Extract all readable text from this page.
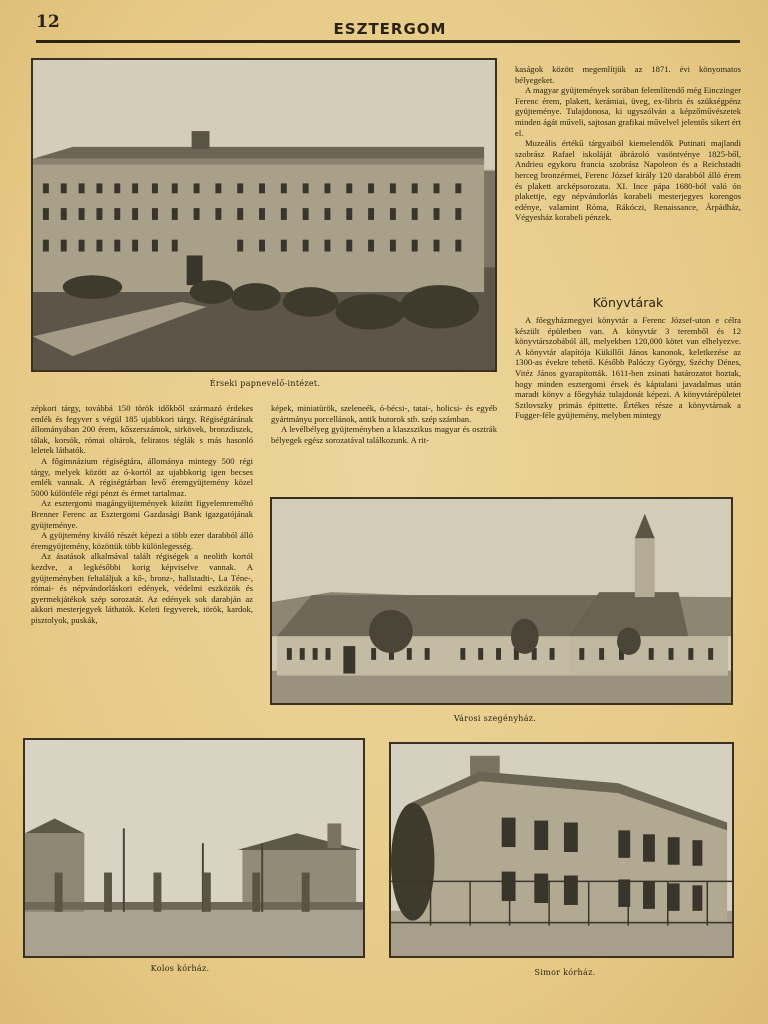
12	ESZTERGOM
Érseki papnevelő-intézet.

kaságok között megemlítjük az 1871. évi könyomatos bélyegeket.

A magyar gyüjtemények sorában felemlítendő még Einczinger Ferenc érem, plakett, kerámiai, üveg, ex-libris és szükségpénz gyüjteménye. Tulajdonosa, ki ugyszólván a képzőművészetek minden ágát műveli, sajtosan grafikai művelvel jelentős sikert ért el.

Muzeális értékű tárgyaiból kiemelendők Putinati majlandi szobrász Rafael iskoláját ábrázoló vasöntvénye 1825-ből, Andrieu egykoru francia szobrász Napoleon és a Reichstadti herceg bronzérmei, Ferenc József király 120 darabból álló érem és plakett arcképsorozata. XI. Ince pápa 1680-ból való ón plakettje, egy népvándorlás korabeli mesterjegyes korengos edénye, valamint Róma, Rákóczi, Renaissance, Árpádház, Végyesház korabeli pénzek.

Könyvtárak

A főegyházmegyei könyvtár a Ferenc József-uton e célra készült épületben van. A könyvtár 3 teremből és 12 könyvtárszobából áll, melyekben 120,000 kötet van elhelyezve. A könyvtár alapítója Kükillői János kanonok, keletkezése az 1300-as évekre tehető. Később Palóczy György, Széchy Dénes, Vitéz János gyarapították. 1611-ben zsinati határozatot hoztak, hogy minden esztergomi érsek és káptalani javadalmas után maradt könyv a főegyház tulajdonát képezi. A könyvtárépületet Sztlovszky primás épittette. Értékes része a könyvtárnak a Fugger-féle gyüjtemény, melyben mintegy

zépkori tárgy, továbbá 150 török időkből származó érdekes emlék és fegyver s végül 185 ujabbkori tárgy. Régiségtárának állományában 200 érem, kőszerszámok, sirkövek, bronzdiszek, tálak, korsók, római oltárok, feliratos téglák s más hasonló leletek láthatók.

A főgimnázium régiségtára, állománya mintegy 500 régi tárgy, melyek között az ó-kortól az ujabbkorig igen becses emlék vannak. A régiségtárban levő éremgyüjtemény közel 5000 különféle régi pénzt és érmet tartalmaz.

Az esztergomi magángyüjtemények között figyelemreméltó Brenner Ferenc az Esztergomi Gazdasági Bank igazgatójának gyüjteménye.

A gyüjtemény kiváló részét képezi a több ezer darabból álló éremgyüjtemény, közöttük több különlegesség.

Az ásatások alkalmával talált régiségek a neolith kortól kezdve, a legkésőbbi korig képviselve vannak. A gyüjteményben feltaláljuk a kő-, bronz-, hallstadti-, La Téne-, római- és népvándorláskori edények, védelmi eszközök és gyermekjátékok szép sorozatát. Az edények sok darabján az akkori mesterjegyek láthatók. Keleti fegyverek, török, kardok, pisztolyok, puskák,

képek, miniatürök, szeleneék, ó-bécsi-, tatai-, holicsi- és egyéb gyártmányu porcellánok, antik butorok stb. szép számban.

A levélbélyeg gyüjteményben a klaszszikus magyar és osztrák bélyegek egész sorozatával találkozunk. A rit-

Városi szegényház.
Kolos kórház.	Simor kórház.
